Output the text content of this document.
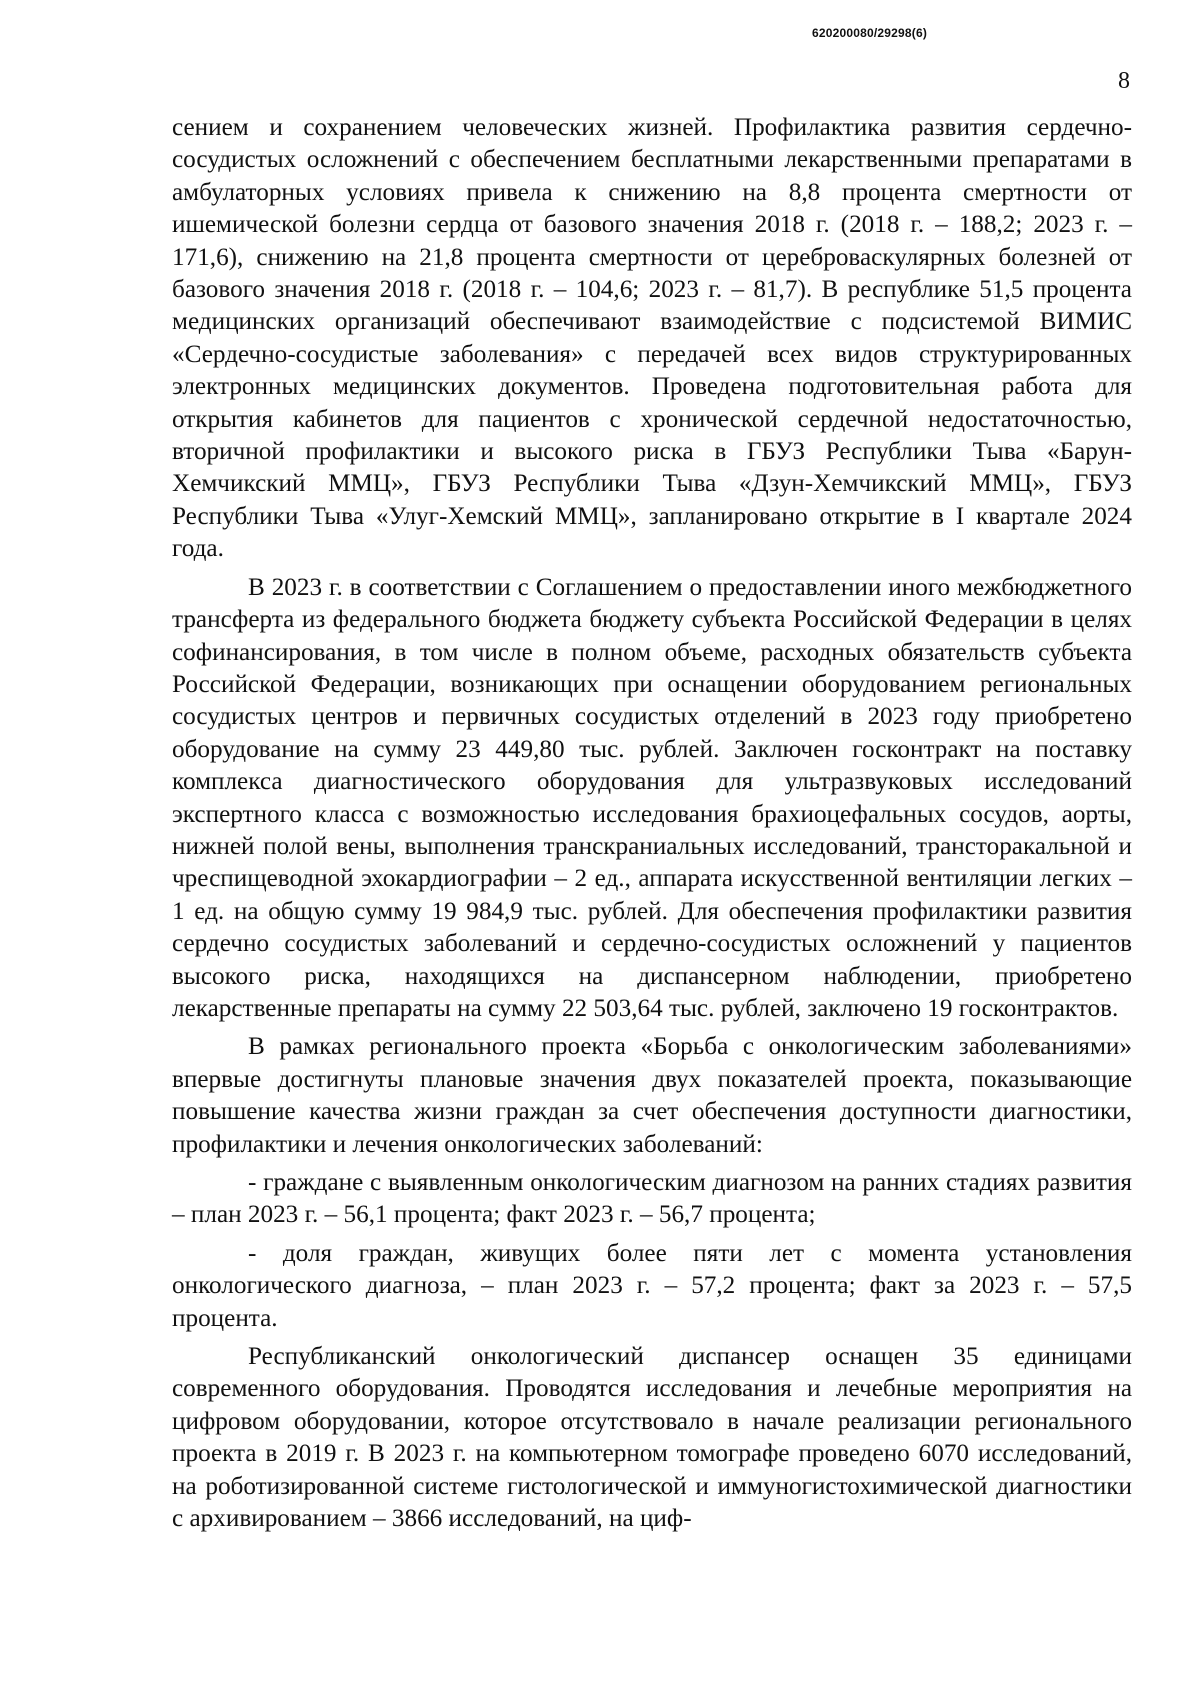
620200080/29298(6)
8

сением и сохранением человеческих жизней. Профилактика развития сердечно-сосудистых осложнений с обеспечением бесплатными лекарственными препаратами в амбулаторных условиях привела к снижению на 8,8 процента смертности от ишемической болезни сердца от базового значения 2018 г. (2018 г. – 188,2; 2023 г. – 171,6), снижению на 21,8 процента смертности от цереброваскулярных болезней от базового значения 2018 г. (2018 г. – 104,6; 2023 г. – 81,7). В республике 51,5 процента медицинских организаций обеспечивают взаимодействие с подсистемой ВИМИС «Сердечно-сосудистые заболевания» с передачей всех видов структурированных электронных медицинских документов. Проведена подготовительная работа для открытия кабинетов для пациентов с хронической сердечной недостаточностью, вторичной профилактики и высокого риска в ГБУЗ Республики Тыва «Барун-Хемчикский ММЦ», ГБУЗ Республики Тыва «Дзун-Хемчикский ММЦ», ГБУЗ Республики Тыва «Улуг-Хемский ММЦ», запланировано открытие в I квартале 2024 года.

В 2023 г. в соответствии с Соглашением о предоставлении иного межбюджетного трансферта из федерального бюджета бюджету субъекта Российской Федерации в целях софинансирования, в том числе в полном объеме, расходных обязательств субъекта Российской Федерации, возникающих при оснащении оборудованием региональных сосудистых центров и первичных сосудистых отделений в 2023 году приобретено оборудование на сумму 23 449,80 тыс. рублей. Заключен госконтракт на поставку комплекса диагностического оборудования для ультразвуковых исследований экспертного класса с возможностью исследования брахиоцефальных сосудов, аорты, нижней полой вены, выполнения транскраниальных исследований, трансторакальной и чреспищеводной эхокардиографии – 2 ед., аппарата искусственной вентиляции легких – 1 ед. на общую сумму 19 984,9 тыс. рублей. Для обеспечения профилактики развития сердечно сосудистых заболеваний и сердечно-сосудистых осложнений у пациентов высокого риска, находящихся на диспансерном наблюдении, приобретено лекарственные препараты на сумму 22 503,64 тыс. рублей, заключено 19 госконтрактов.

В рамках регионального проекта «Борьба с онкологическим заболеваниями» впервые достигнуты плановые значения двух показателей проекта, показывающие повышение качества жизни граждан за счет обеспечения доступности диагностики, профилактики и лечения онкологических заболеваний:

- граждане с выявленным онкологическим диагнозом на ранних стадиях развития – план 2023 г. – 56,1 процента; факт 2023 г. – 56,7 процента;

- доля граждан, живущих более пяти лет с момента установления онкологического диагноза, – план 2023 г. – 57,2 процента; факт за 2023 г. – 57,5 процента.

Республиканский онкологический диспансер оснащен 35 единицами современного оборудования. Проводятся исследования и лечебные мероприятия на цифровом оборудовании, которое отсутствовало в начале реализации регионального проекта в 2019 г. В 2023 г. на компьютерном томографе проведено 6070 исследований, на роботизированной системе гистологической и иммуногистохимической диагностики с архивированием – 3866 исследований, на циф-
